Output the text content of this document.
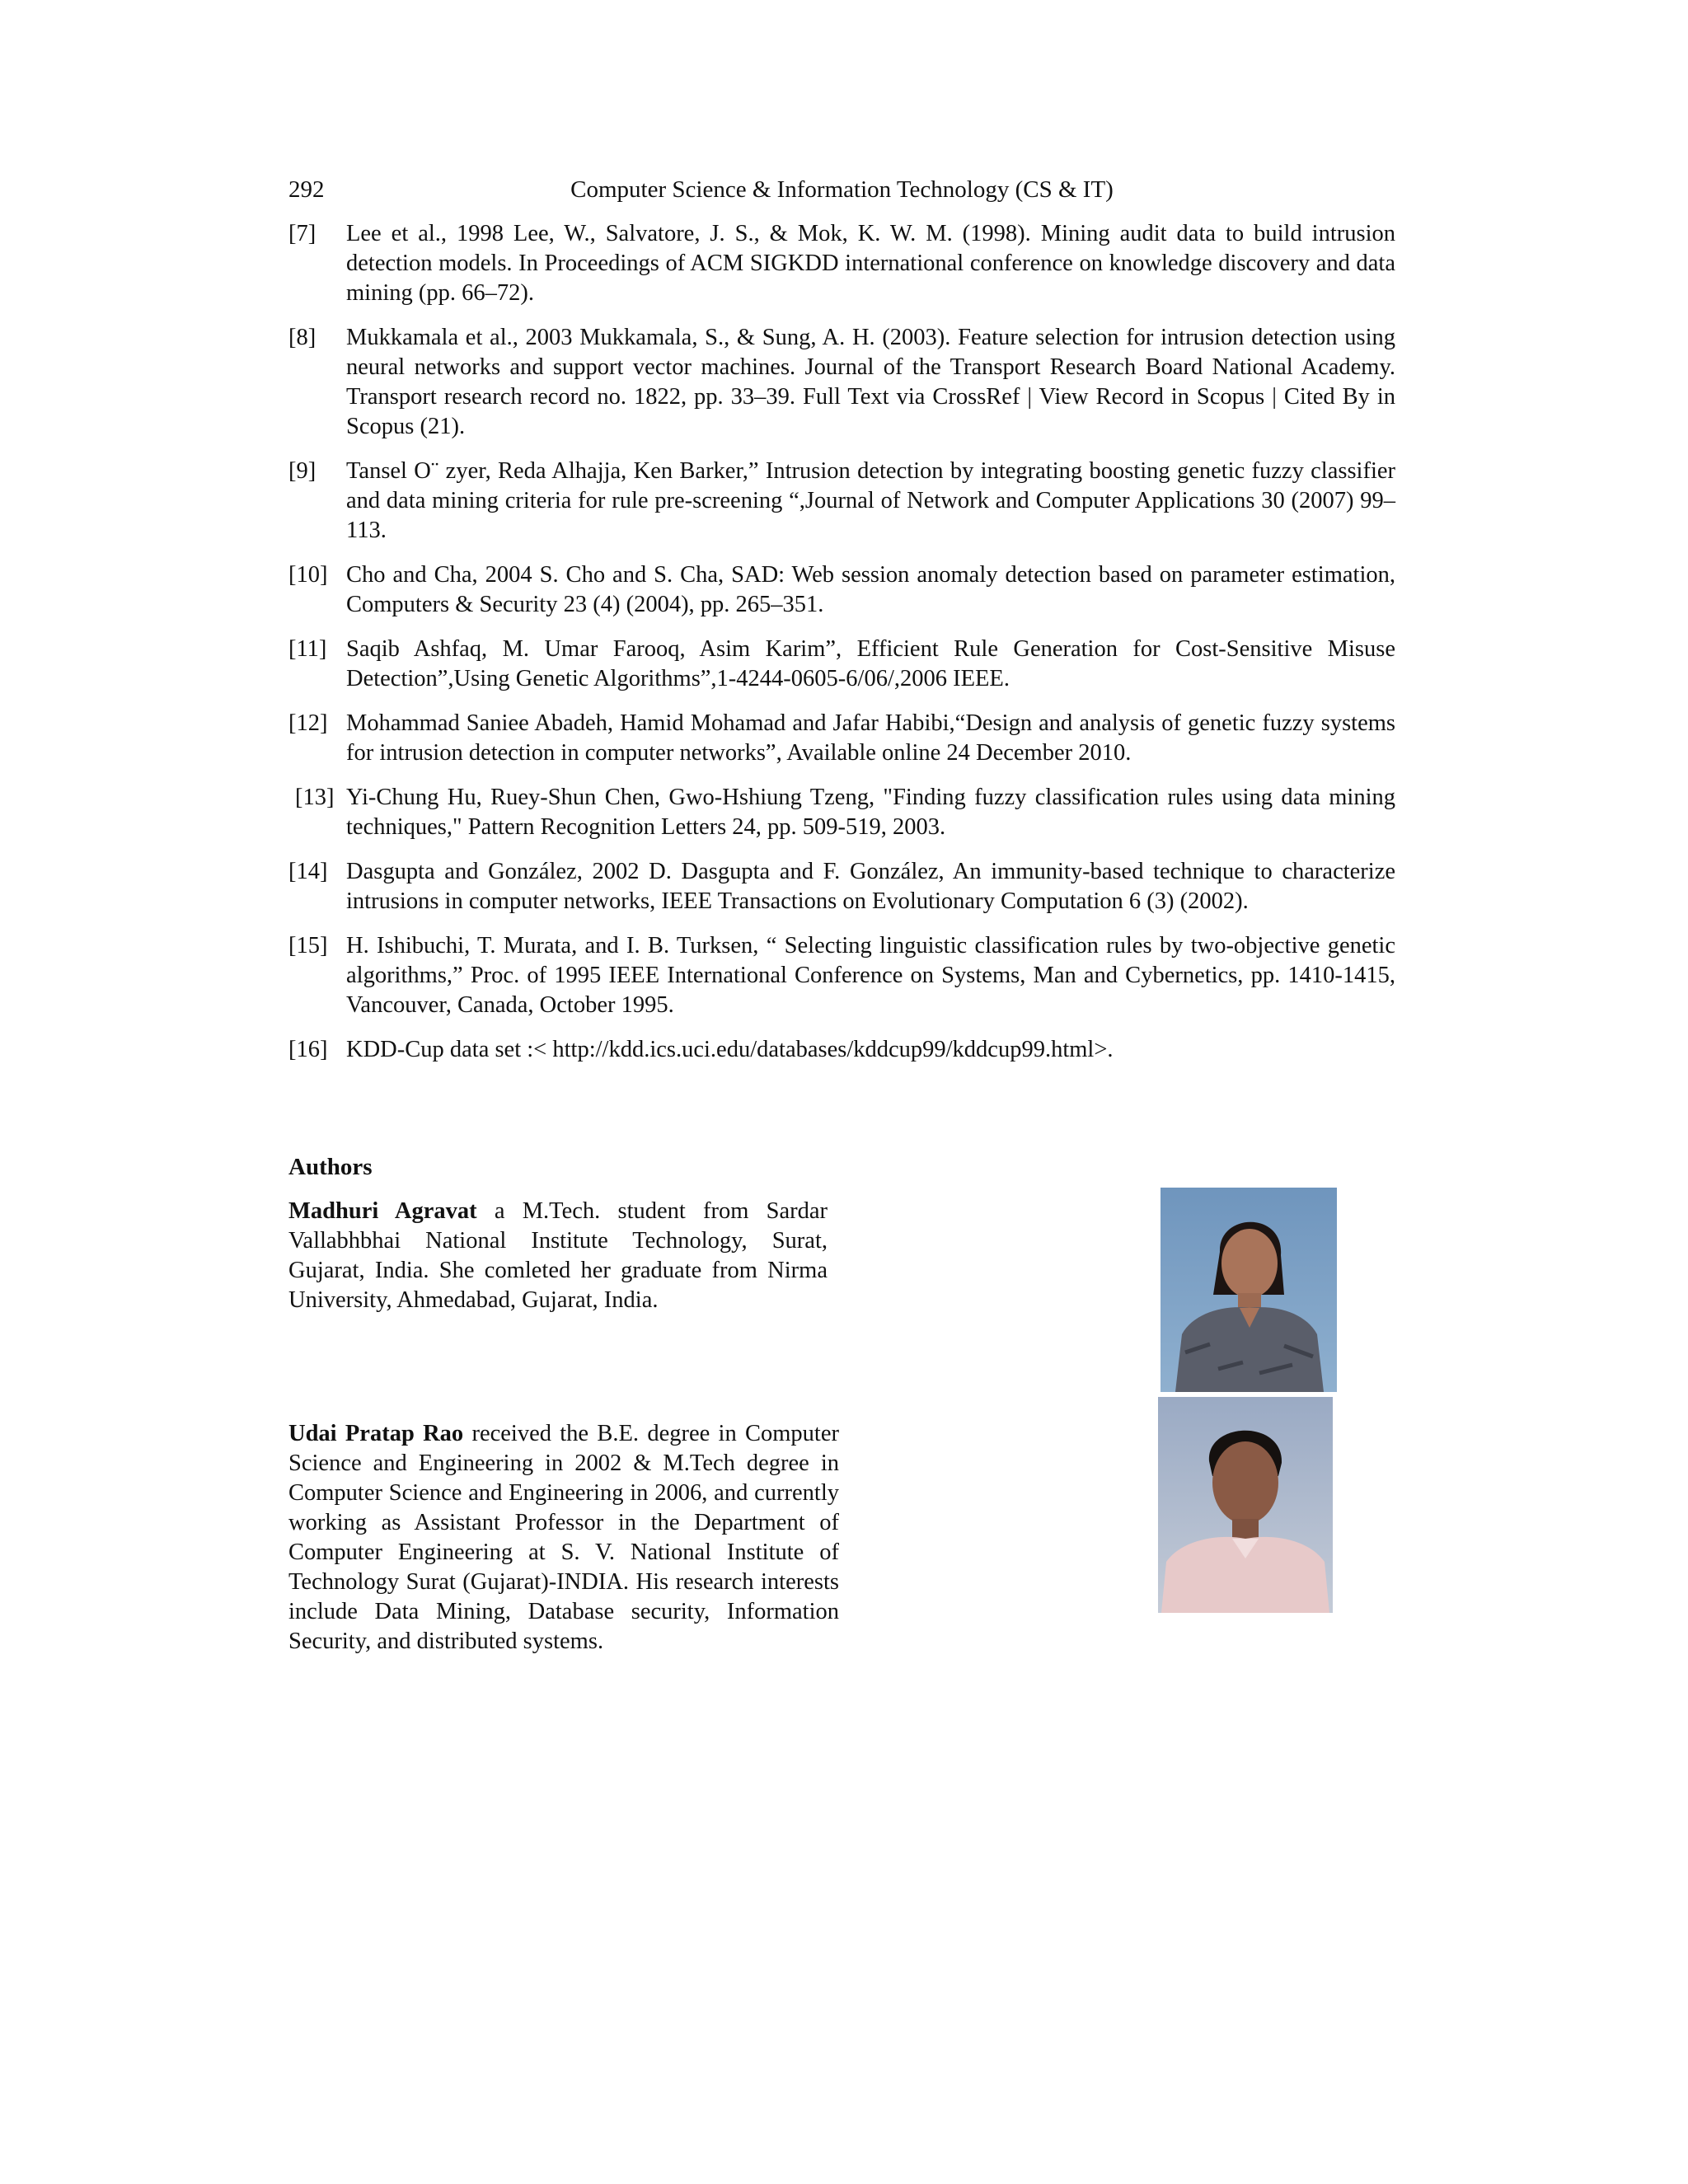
292	Computer Science & Information Technology (CS & IT)
[7] Lee et al., 1998 Lee, W., Salvatore, J. S., & Mok, K. W. M. (1998). Mining audit data to build intrusion detection models. In Proceedings of ACM SIGKDD international conference on knowledge discovery and data mining (pp. 66–72).
[8] Mukkamala et al., 2003 Mukkamala, S., & Sung, A. H. (2003). Feature selection for intrusion detection using neural networks and support vector machines. Journal of the Transport Research Board National Academy. Transport research record no. 1822, pp. 33–39. Full Text via CrossRef | View Record in Scopus | Cited By in Scopus (21).
[9] Tansel O¨ zyer, Reda Alhajja, Ken Barker,” Intrusion detection by integrating boosting genetic fuzzy classifier and data mining criteria for rule pre-screening “,Journal of Network and Computer Applications 30 (2007) 99–113.
[10] Cho and Cha, 2004 S. Cho and S. Cha, SAD: Web session anomaly detection based on parameter estimation, Computers & Security 23 (4) (2004), pp. 265–351.
[11] Saqib Ashfaq, M. Umar Farooq, Asim Karim”, Efficient Rule Generation for Cost-Sensitive Misuse Detection”,Using Genetic Algorithms”,1-4244-0605-6/06/,2006 IEEE.
[12] Mohammad Saniee Abadeh, Hamid Mohamad and Jafar Habibi,“Design and analysis of genetic fuzzy systems for intrusion detection in computer networks”, Available online 24 December 2010.
[13] Yi-Chung Hu, Ruey-Shun Chen, Gwo-Hshiung Tzeng, "Finding fuzzy classification rules using data mining techniques," Pattern Recognition Letters 24, pp. 509-519, 2003.
[14] Dasgupta and González, 2002 D. Dasgupta and F. González, An immunity-based technique to characterize intrusions in computer networks, IEEE Transactions on Evolutionary Computation 6 (3) (2002).
[15] H. Ishibuchi, T. Murata, and I. B. Turksen, “ Selecting linguistic classification rules by two-objective genetic algorithms,” Proc. of 1995 IEEE International Conference on Systems, Man and Cybernetics, pp. 1410-1415, Vancouver, Canada, October 1995.
[16] KDD-Cup data set :< http://kdd.ics.uci.edu/databases/kddcup99/kddcup99.html>.
Authors
Madhuri Agravat a M.Tech. student from Sardar Vallabhbhai National Institute Technology, Surat, Gujarat, India. She comleted her graduate from Nirma University, Ahmedabad, Gujarat, India.
Udai Pratap Rao received the B.E. degree in Computer Science and Engineering in 2002 & M.Tech degree in Computer Science and Engineering in 2006, and currently working as Assistant Professor in the Department of Computer Engineering at S. V. National Institute of Technology Surat (Gujarat)-INDIA. His research interests include Data Mining, Database security, Information Security, and distributed systems.
